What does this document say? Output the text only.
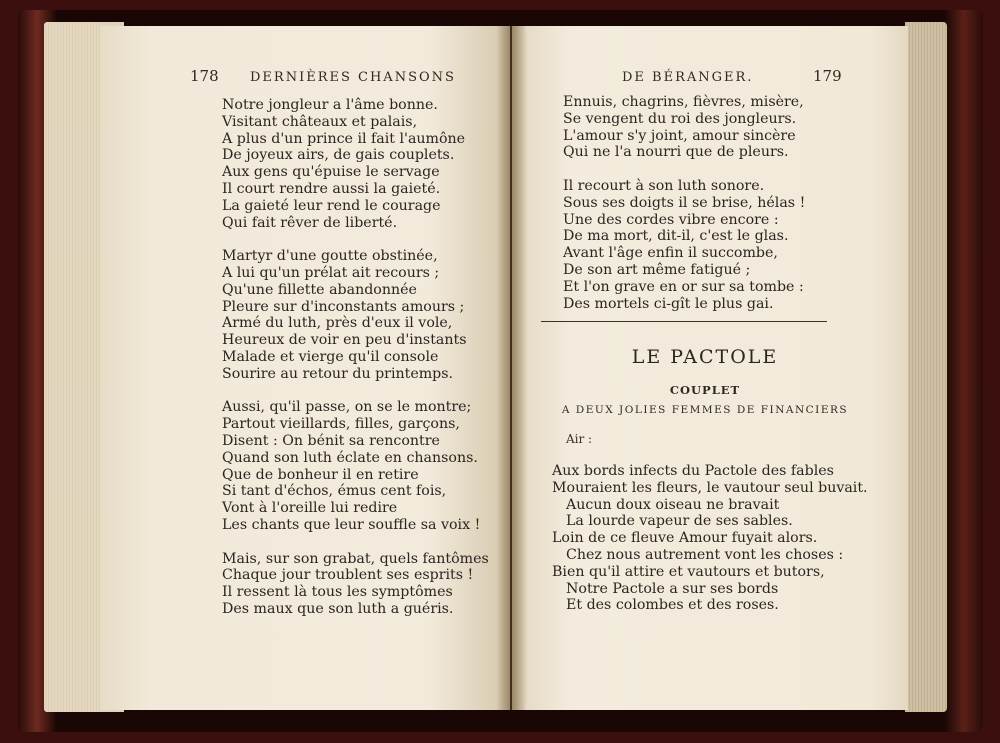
178 DERNIÈRES CHANSONS
Notre jongleur a l'âme bonne.
Visitant châteaux et palais,
A plus d'un prince il fait l'aumône
De joyeux airs, de gais couplets.
Aux gens qu'épuise le servage
Il court rendre aussi la gaieté.
La gaieté leur rend le courage
Qui fait rêver de liberté.
Martyr d'une goutte obstinée,
A lui qu'un prélat ait recours ;
Qu'une fillette abandonnée
Pleure sur d'inconstants amours ;
Armé du luth, près d'eux il vole,
Heureux de voir en peu d'instants
Malade et vierge qu'il console
Sourire au retour du printemps.
Aussi, qu'il passe, on se le montre;
Partout vieillards, filles, garçons,
Disent : On bénit sa rencontre
Quand son luth éclate en chansons.
Que de bonheur il en retire
Si tant d'échos, émus cent fois,
Vont à l'oreille lui redire
Les chants que leur souffle sa voix !
Mais, sur son grabat, quels fantômes
Chaque jour troublent ses esprits !
Il ressent là tous les symptômes
Des maux que son luth a guéris.
DE BÉRANGER.	179
Ennuis, chagrins, fièvres, misère,
Se vengent du roi des jongleurs.
L'amour s'y joint, amour sincère
Qui ne l'a nourri que de pleurs.
Il recourt à son luth sonore.
Sous ses doigts il se brise, hélas !
Une des cordes vibre encore :
De ma mort, dit-il, c'est le glas.
Avant l'âge enfin il succombe,
De son art même fatigué ;
Et l'on grave en or sur sa tombe :
Des mortels ci-gît le plus gai.
LE PACTOLE
COUPLET
A DEUX JOLIES FEMMES DE FINANCIERS
Air :
Aux bords infects du Pactole des fables
Mouraient les fleurs, le vautour seul buvait.
Aucun doux oiseau ne bravait
La lourde vapeur de ses sables.
Loin de ce fleuve Amour fuyait alors.
Chez nous autrement vont les choses :
Bien qu'il attire et vautours et butors,
Notre Pactole a sur ses bords
Et des colombes et des roses.
